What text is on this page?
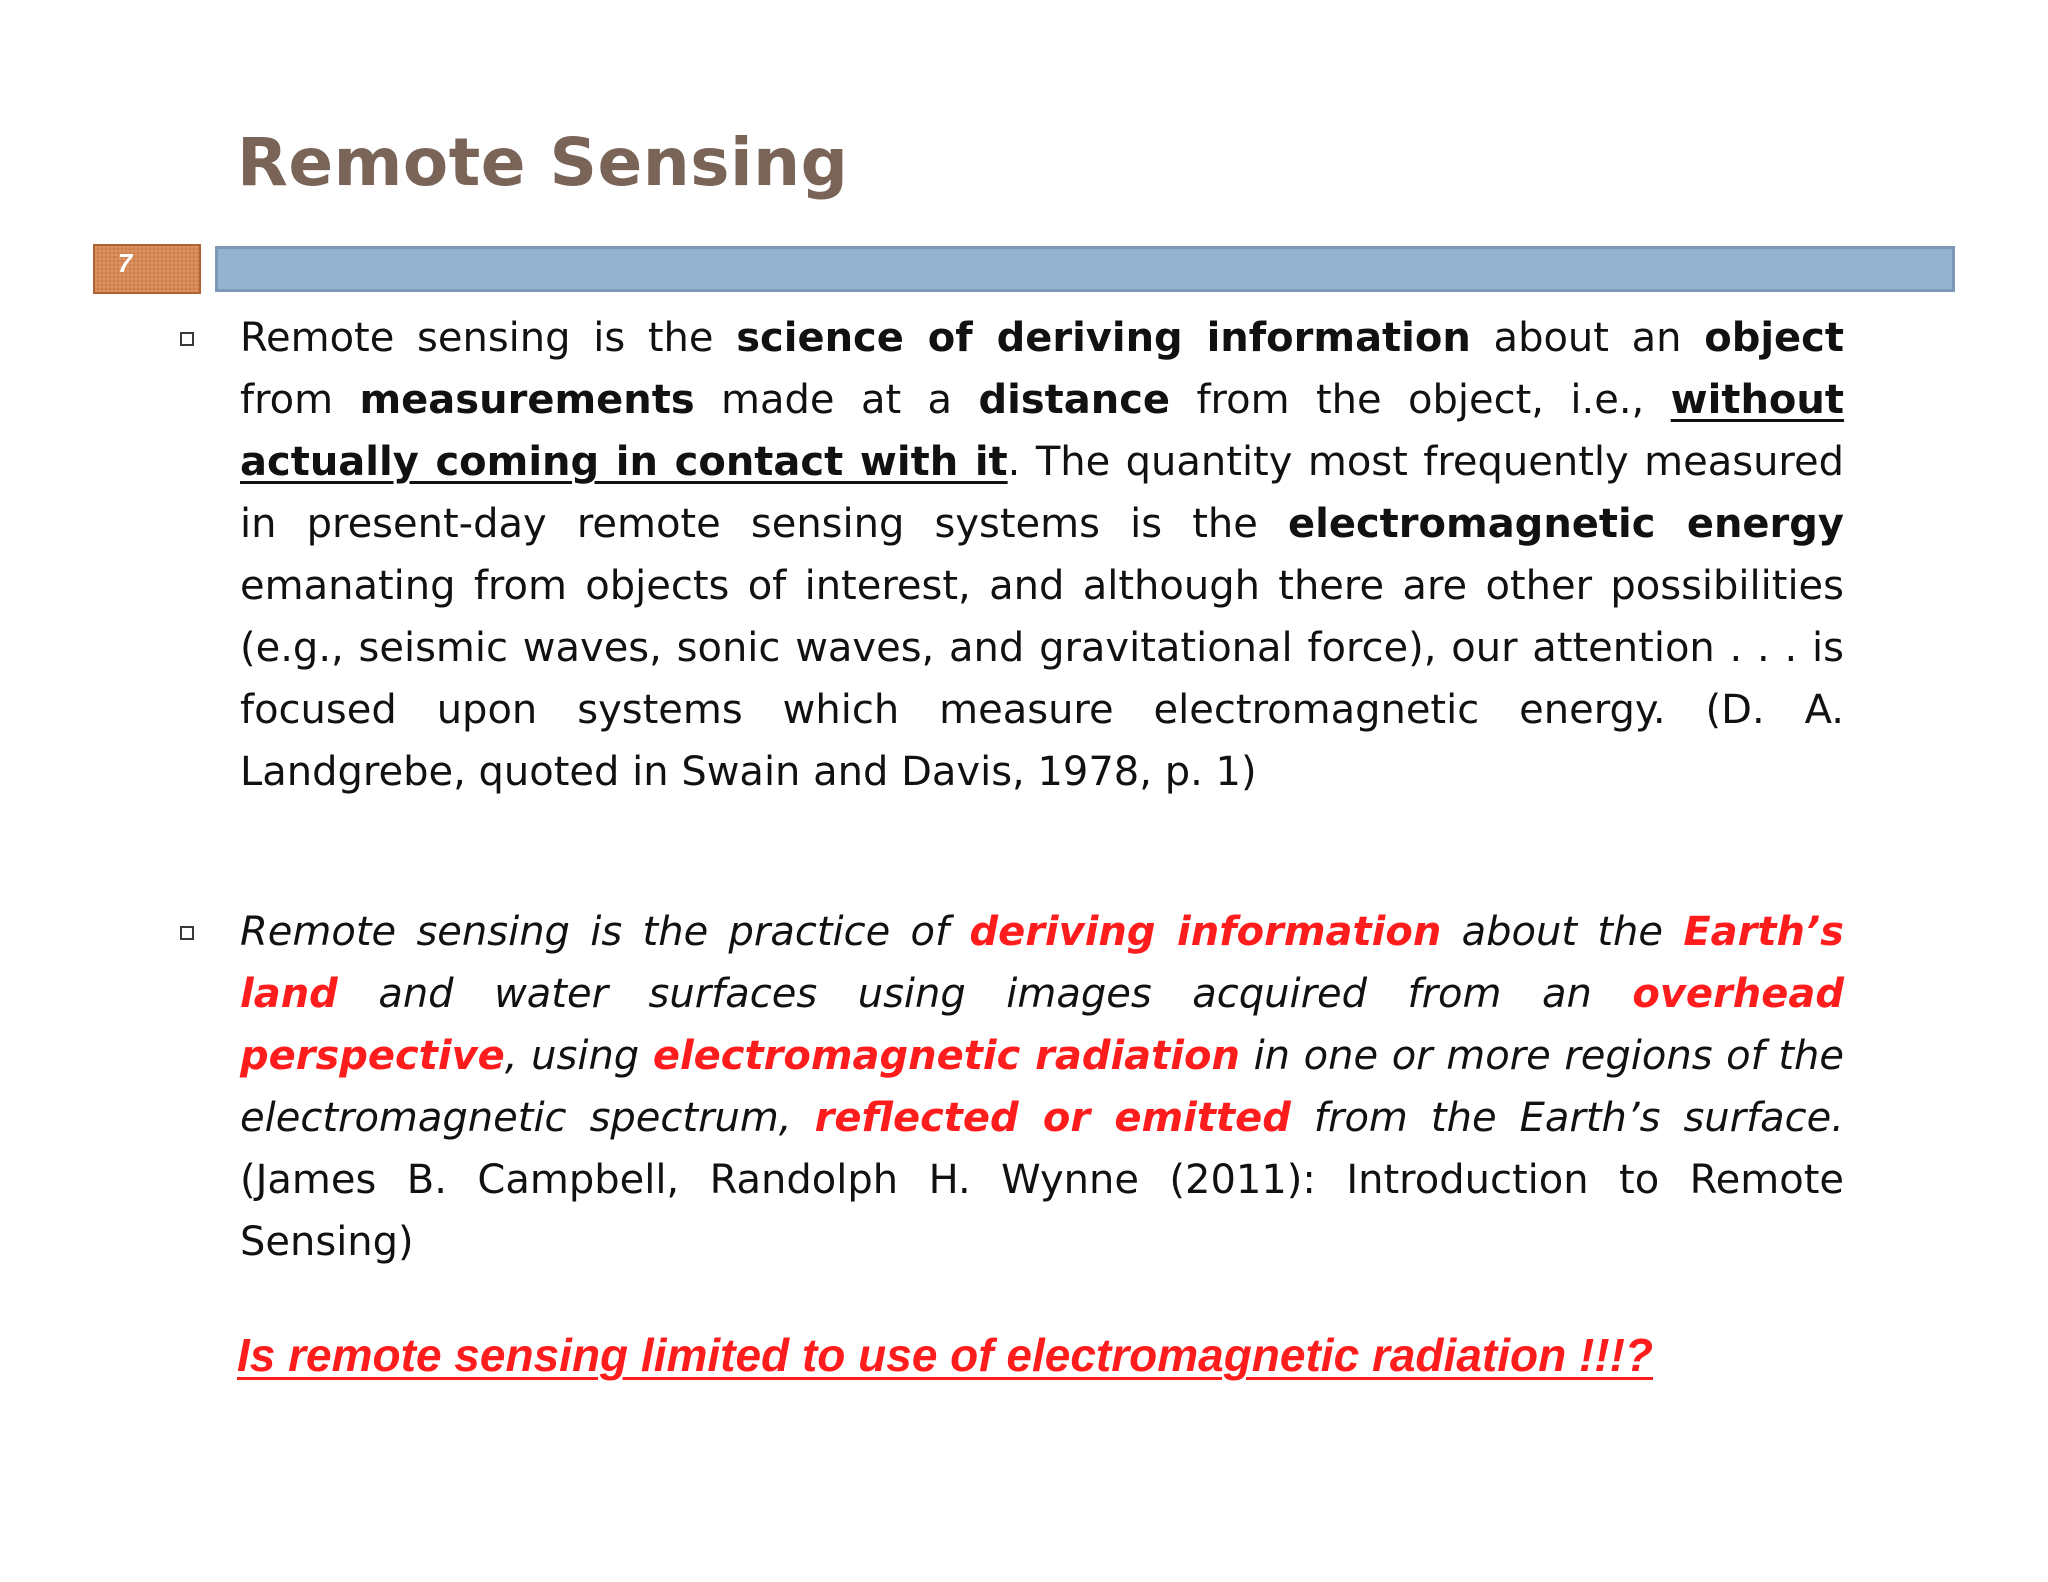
Remote Sensing
7

Remote sensing is the science of deriving information about an object from measurements made at a distance from the object, i.e., without actually coming in contact with it. The quantity most frequently measured in present-day remote sensing systems is the electromagnetic energy emanating from objects of interest, and although there are other possibilities (e.g., seismic waves, sonic waves, and gravitational force), our attention . . . is focused upon systems which measure electromagnetic energy. (D. A. Landgrebe, quoted in Swain and Davis, 1978, p. 1)

Remote sensing is the practice of deriving information about the Earth’s land and water surfaces using images acquired from an overhead perspective, using electromagnetic radiation in one or more regions of the electromagnetic spectrum, reflected or emitted from the Earth’s surface. (James B. Campbell, Randolph H. Wynne (2011): Introduction to Remote Sensing)

Is remote sensing limited to use of electromagnetic radiation !!!?
